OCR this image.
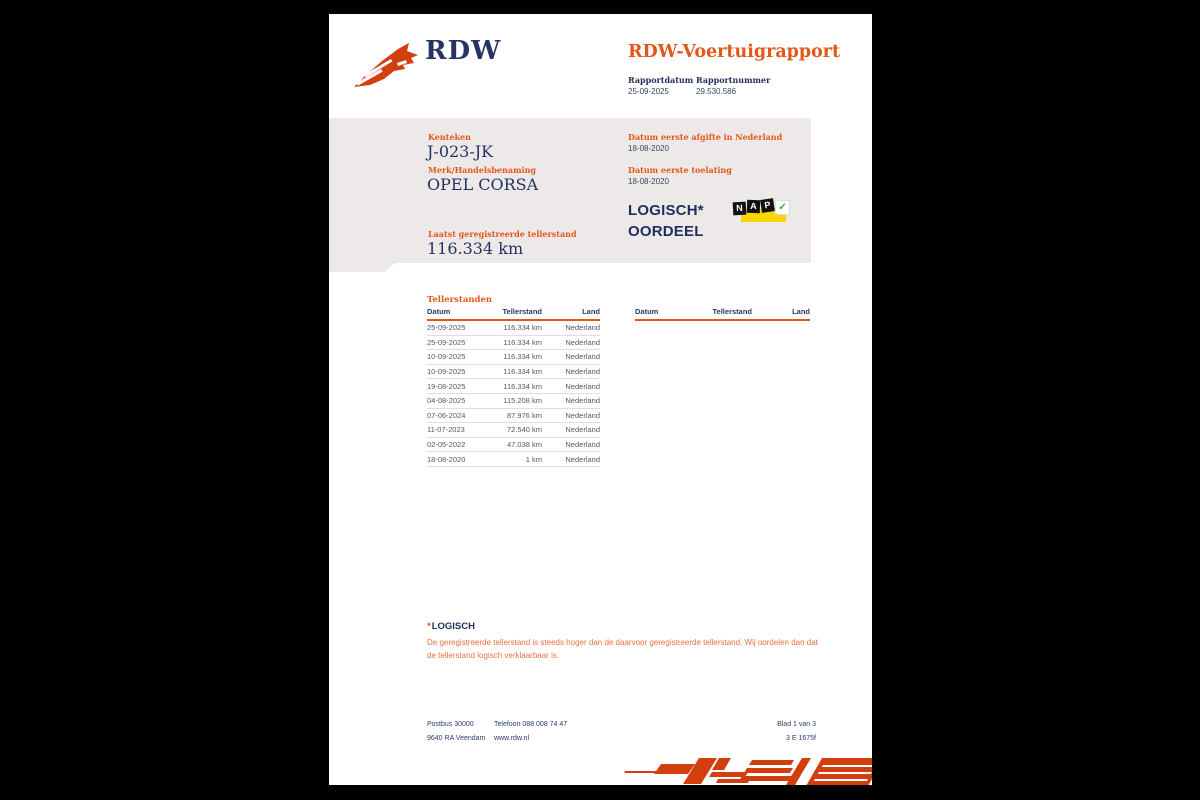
RDW	RDW-Voertuigrapport
Rapportdatum Rapportnummer
25-09-2025	29.530.586
Kenteken
J-023-JK
Merk/Handelsbenaming
OPEL CORSA
Laatst geregistreerde tellerstand
116.334 km
Datum eerste afgifte in Nederland
18-08-2020
Datum eerste toelating
18-08-2020
LOGISCH*
OORDEEL
N A P ✓
Tellerstanden
Datum	Tellerstand	Land
25-09-2025	116.334 km	Nederland
25-09-2025	116.334 km	Nederland
10-09-2025	116.334 km	Nederland
10-09-2025	116.334 km	Nederland
19-08-2025	116.334 km	Nederland
04-08-2025	115.208 km	Nederland
07-06-2024	87.976 km	Nederland
11-07-2023	72.540 km	Nederland
02-05-2022	47.038 km	Nederland
18-08-2020	1 km	Nederland
Datum	Tellerstand	Land
*LOGISCH
De geregistreerde tellerstand is steeds hoger dan de daarvoor geregistreerde tellerstand. Wij oordelen dan dat de tellerstand logisch verklaarbaar is.
Postbus 30000
9640 RA Veendam
Telefoon 088 008 74 47
www.rdw.nl
Blad 1 van 3
3 E 1675f
